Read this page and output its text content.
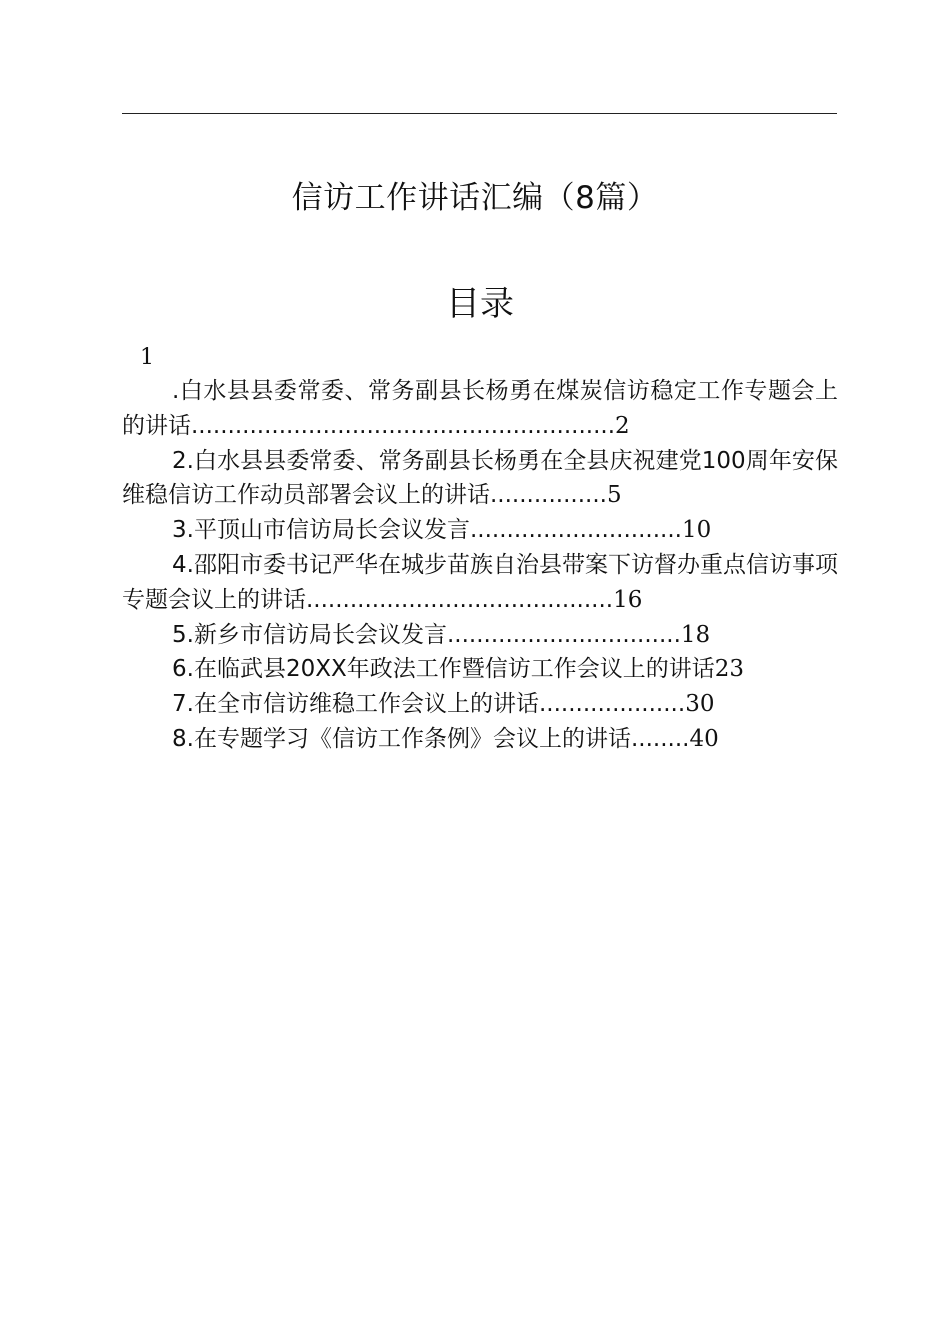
信访工作讲话汇编（8篇）
目录
1
.白水县县委常委、常务副县长杨勇在煤炭信访稳定工作专题会上的讲话..........................................................2
2.白水县县委常委、常务副县长杨勇在全县庆祝建党100周年安保维稳信访工作动员部署会议上的讲话................5
3.平顶山市信访局长会议发言.............................10
4.邵阳市委书记严华在城步苗族自治县带案下访督办重点信访事项专题会议上的讲话..........................................16
5.新乡市信访局长会议发言................................18
6.在临武县20XX年政法工作暨信访工作会议上的讲话23
7.在全市信访维稳工作会议上的讲话....................30
8.在专题学习《信访工作条例》会议上的讲话........40
